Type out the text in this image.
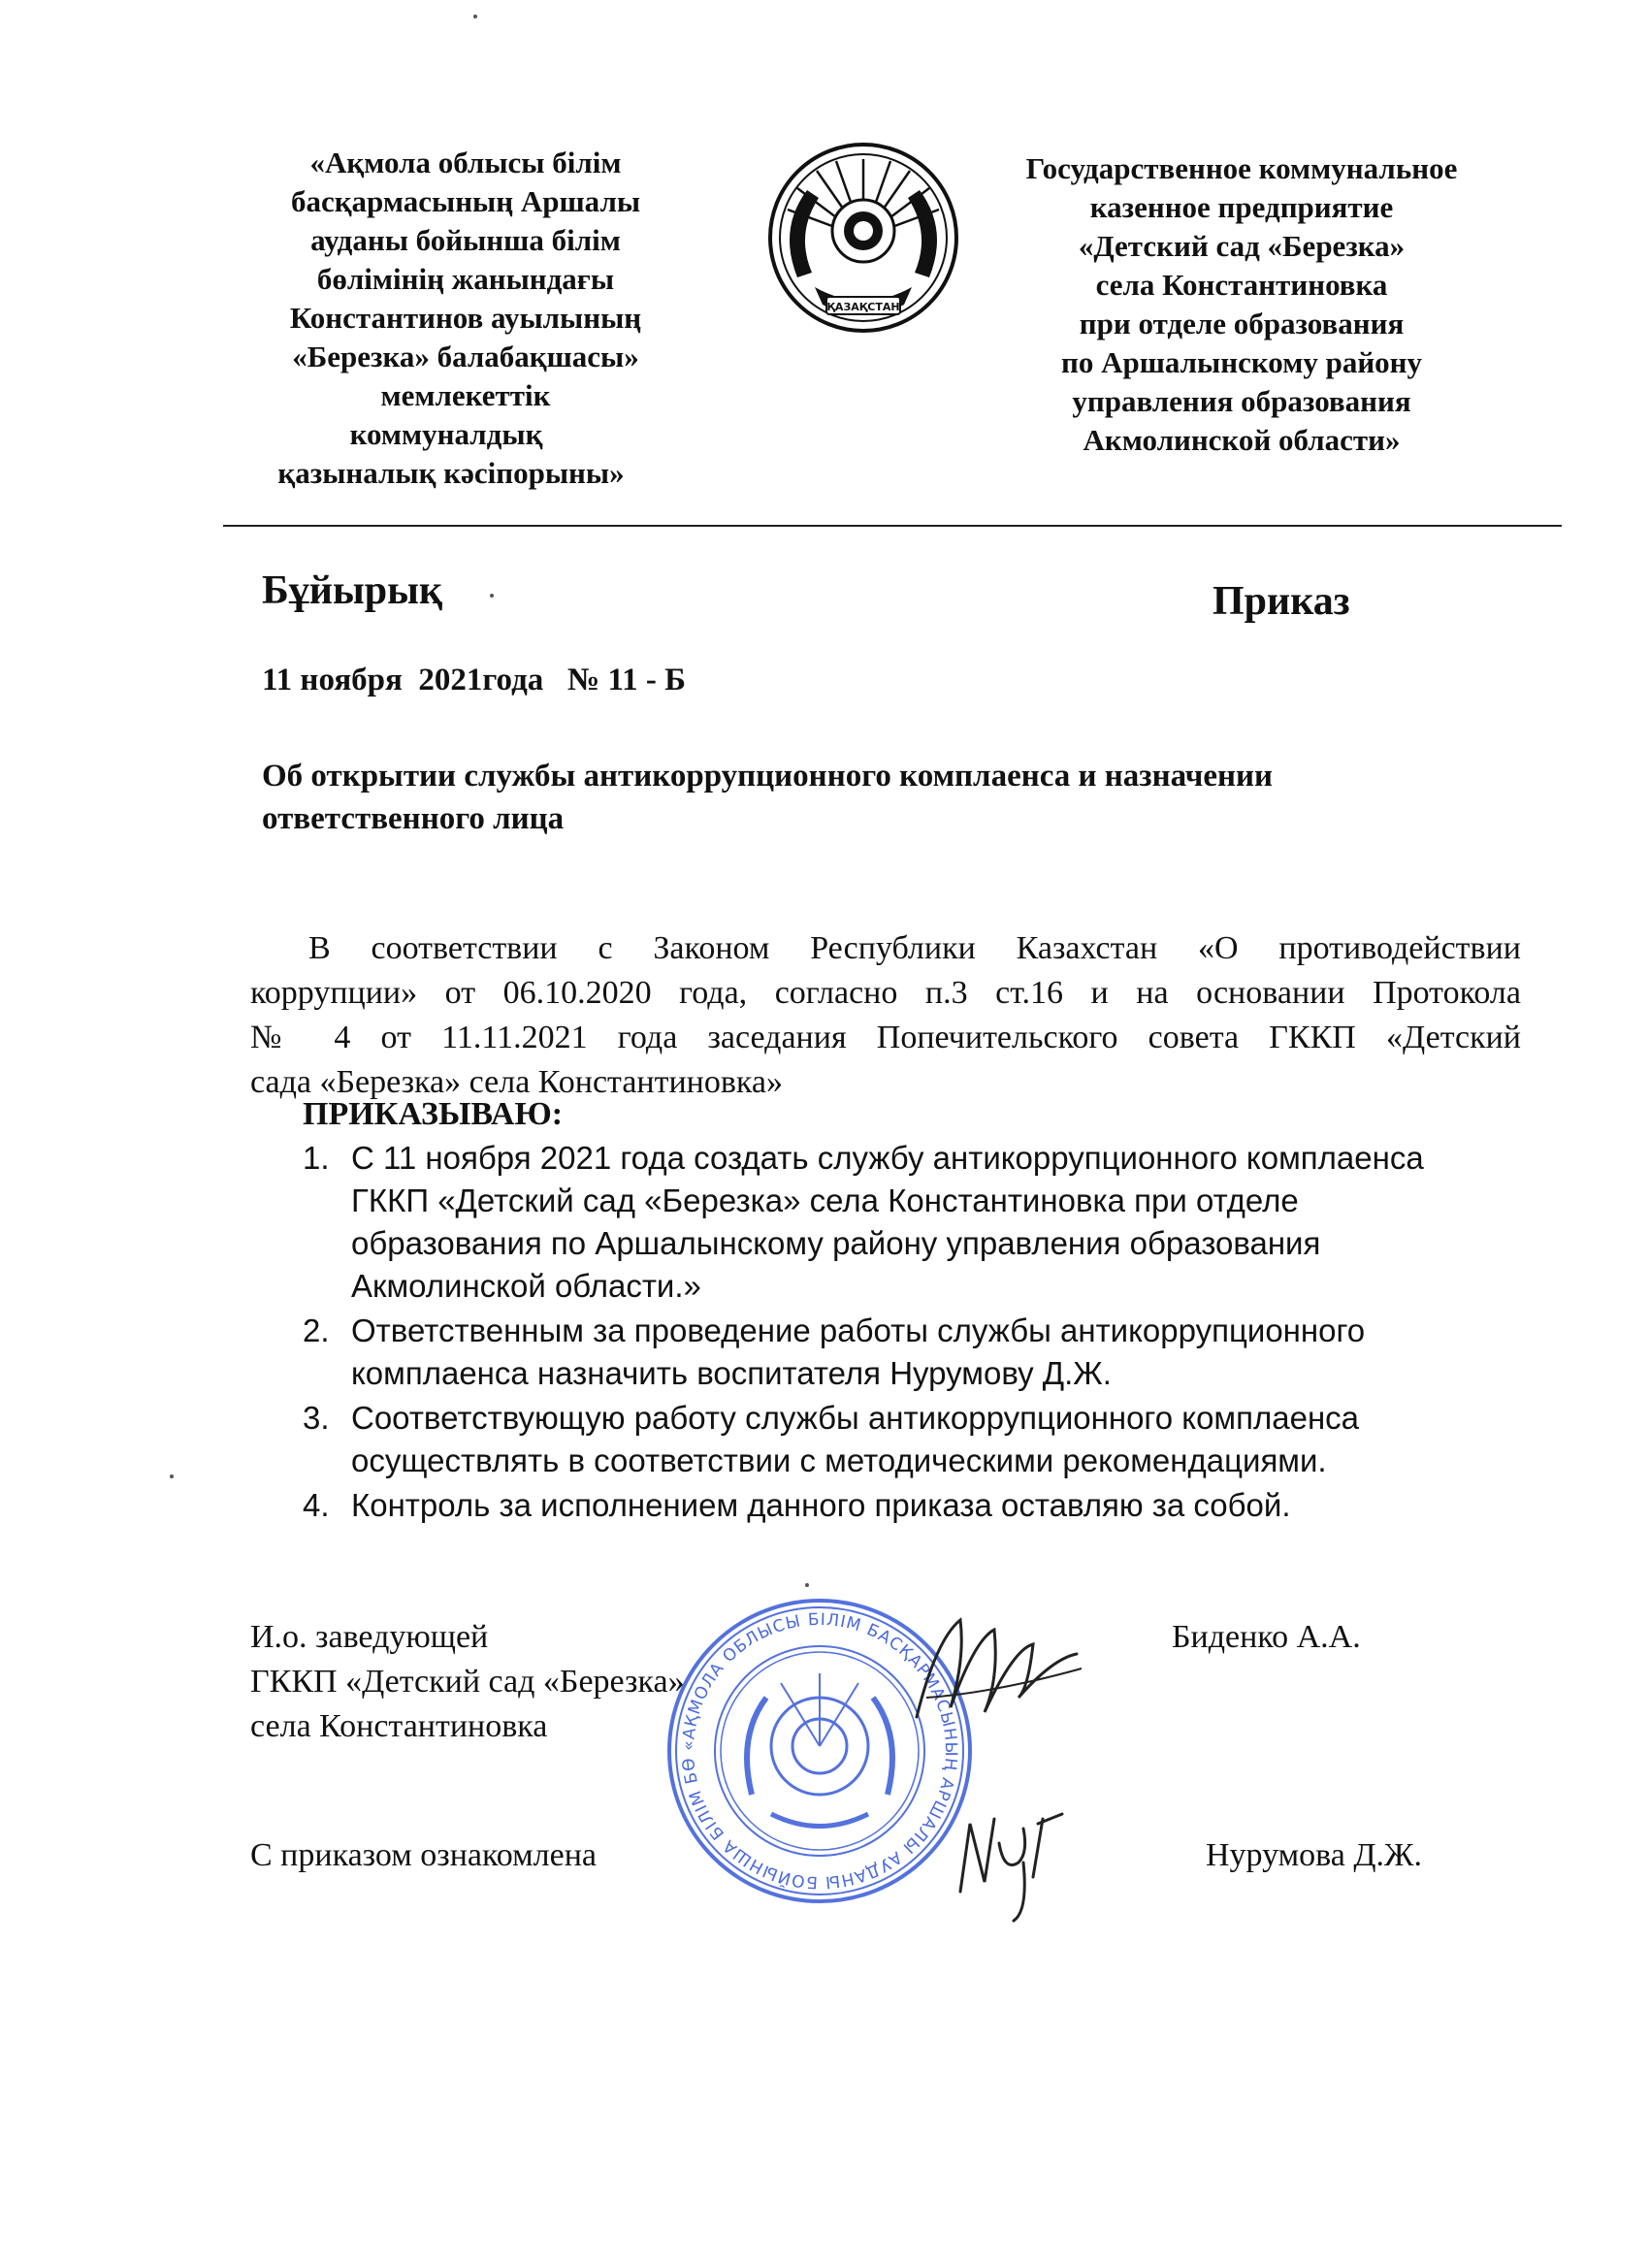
«Ақмола облысы білім
басқармасының Аршалы
ауданы бойынша білім
бөлімінің жанындағы
Константинов ауылының
«Березка» балабақшасы»
мемлекеттік
коммуналдық
қазыналық кәсіпорыны»
ҚАЗАҚСТАН
Государственное коммунальное
казенное предприятие
«Детский сад «Березка»
села Константиновка
при отделе образования
по Аршалынскому району
управления образования
Акмолинской области»
Бұйырық	Приказ
11 ноября  2021года   № 11 - Б
Об открытии службы антикоррупционного комплаенса и назначении
ответственного лица
В соответствии с Законом Республики Казахстан «О противодействии
коррупции» от 06.10.2020 года, согласно п.3 ст.16 и на основании Протокола
№ 4 от 11.11.2021 года заседания Попечительского совета ГККП «Детский
сада «Березка» села Константиновка»
ПРИКАЗЫВАЮ:
1. С 11 ноября 2021 года создать службу антикоррупционного комплаенса
ГККП «Детский сад «Березка» села Константиновка при отделе
образования по Аршалынскому району управления образования
Акмолинской области.»
2. Ответственным за проведение работы службы антикоррупционного
комплаенса назначить воспитателя Нурумову Д.Ж.
3. Соответствующую работу службы антикоррупционного комплаенса
осуществлять в соответствии с методическими рекомендациями.
4. Контроль за исполнением данного приказа оставляю за собой.
«АҚМОЛА ОБЛЫСЫ БІЛІМ БАСҚАРМАСЫНЫҢ АРШАЛЫ АУДАНЫ БОЙЫНША БІЛІМ БӨ
И.о. заведующей
ГККП «Детский сад «Березка»
села Константиновка
Биденко А.А.
С приказом ознакомлена	Нурумова Д.Ж.
